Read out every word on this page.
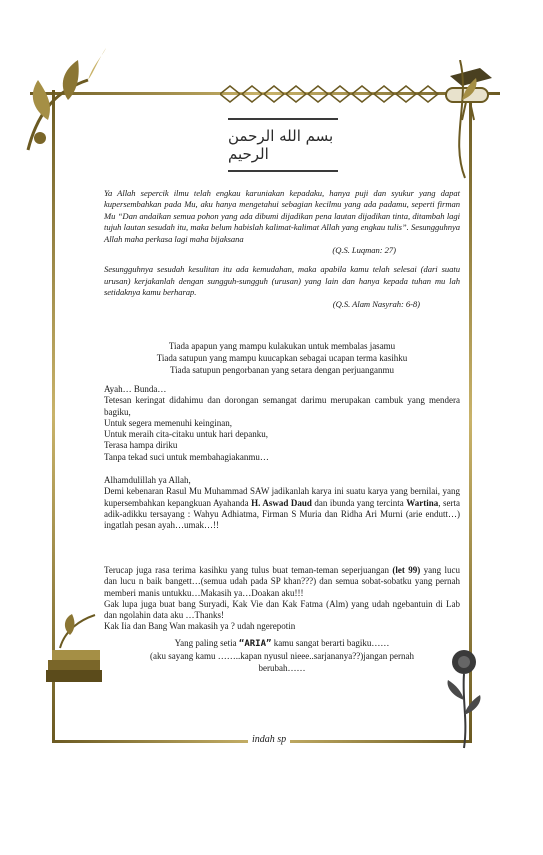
بسم الله الرحمن الرحيم
Ya Allah sepercik ilmu telah engkau karuniakan kepadaku, hanya puji dan syukur yang dapat kupersembahkan pada Mu, aku hanya mengetahui sebagian kecilmu yang ada padamu, seperti firman Mu “Dan andaikan semua pohon yang ada dibumi dijadikan pena lautan dijadikan tinta, ditambah lagi tujuh lautan sesudah itu, maka belum habislah kalimat-kalimat Allah yang engkau tulis”. Sesungguhnya Allah maha perkasa lagi maha bijaksana
(Q.S. Luqman: 27)
Sesungguhnya sesudah kesulitan itu ada kemudahan, maka apabila kamu telah selesai (dari suatu urusan) kerjakanlah dengan sungguh-sungguh (urusan) yang lain dan hanya kepada tuhan mu lah setidaknya kamu berharap.
(Q.S. Alam Nasyrah: 6-8)
Tiada apapun yang mampu kulakukan untuk membalas jasamu
Tiada satupun yang mampu kuucapkan sebagai ucapan terma kasihku
Tiada satupun pengorbanan yang setara dengan perjuanganmu
Ayah… Bunda…
Tetesan keringat didahimu dan dorongan semangat darimu merupakan cambuk yang mendera bagiku,
Untuk segera memenuhi keinginan,
Untuk meraih cita-citaku untuk hari depanku,
Terasa hampa diriku
Tanpa tekad suci untuk membahagiakanmu…
Alhamdulillah ya Allah,
Demi kebenaran Rasul Mu Muhammad SAW jadikanlah karya ini suatu karya yang bernilai, yang kupersembahkan kepangkuan Ayahanda H. Aswad Daud dan ibunda yang tercinta Wartina, serta adik-adikku tersayang : Wahyu Adhiatma, Firman S Muria dan Ridha Ari Murni (arie endutt…) ingatlah pesan ayah…umak…!!
Terucap juga rasa terima kasihku yang tulus buat teman-teman seperjuangan (let 99) yang lucu dan lucu n baik bangett…(semua udah pada SP khan???) dan semua sobat-sobatku yang pernah memberi manis untukku…Makasih ya…Doakan aku!!!
Gak lupa juga buat bang Suryadi, Kak Vie dan Kak Fatma (Alm) yang udah ngebantuin di Lab dan ngolahin data aku …Thanks!
Kak Iia dan Bang Wan makasih ya ? udah ngerepotin
Yang paling setia “ARIA” kamu sangat berarti bagiku……
(aku sayang kamu ……..kapan nyusul nieee..sarjananya??)jangan pernah
berubah……
indah sp
